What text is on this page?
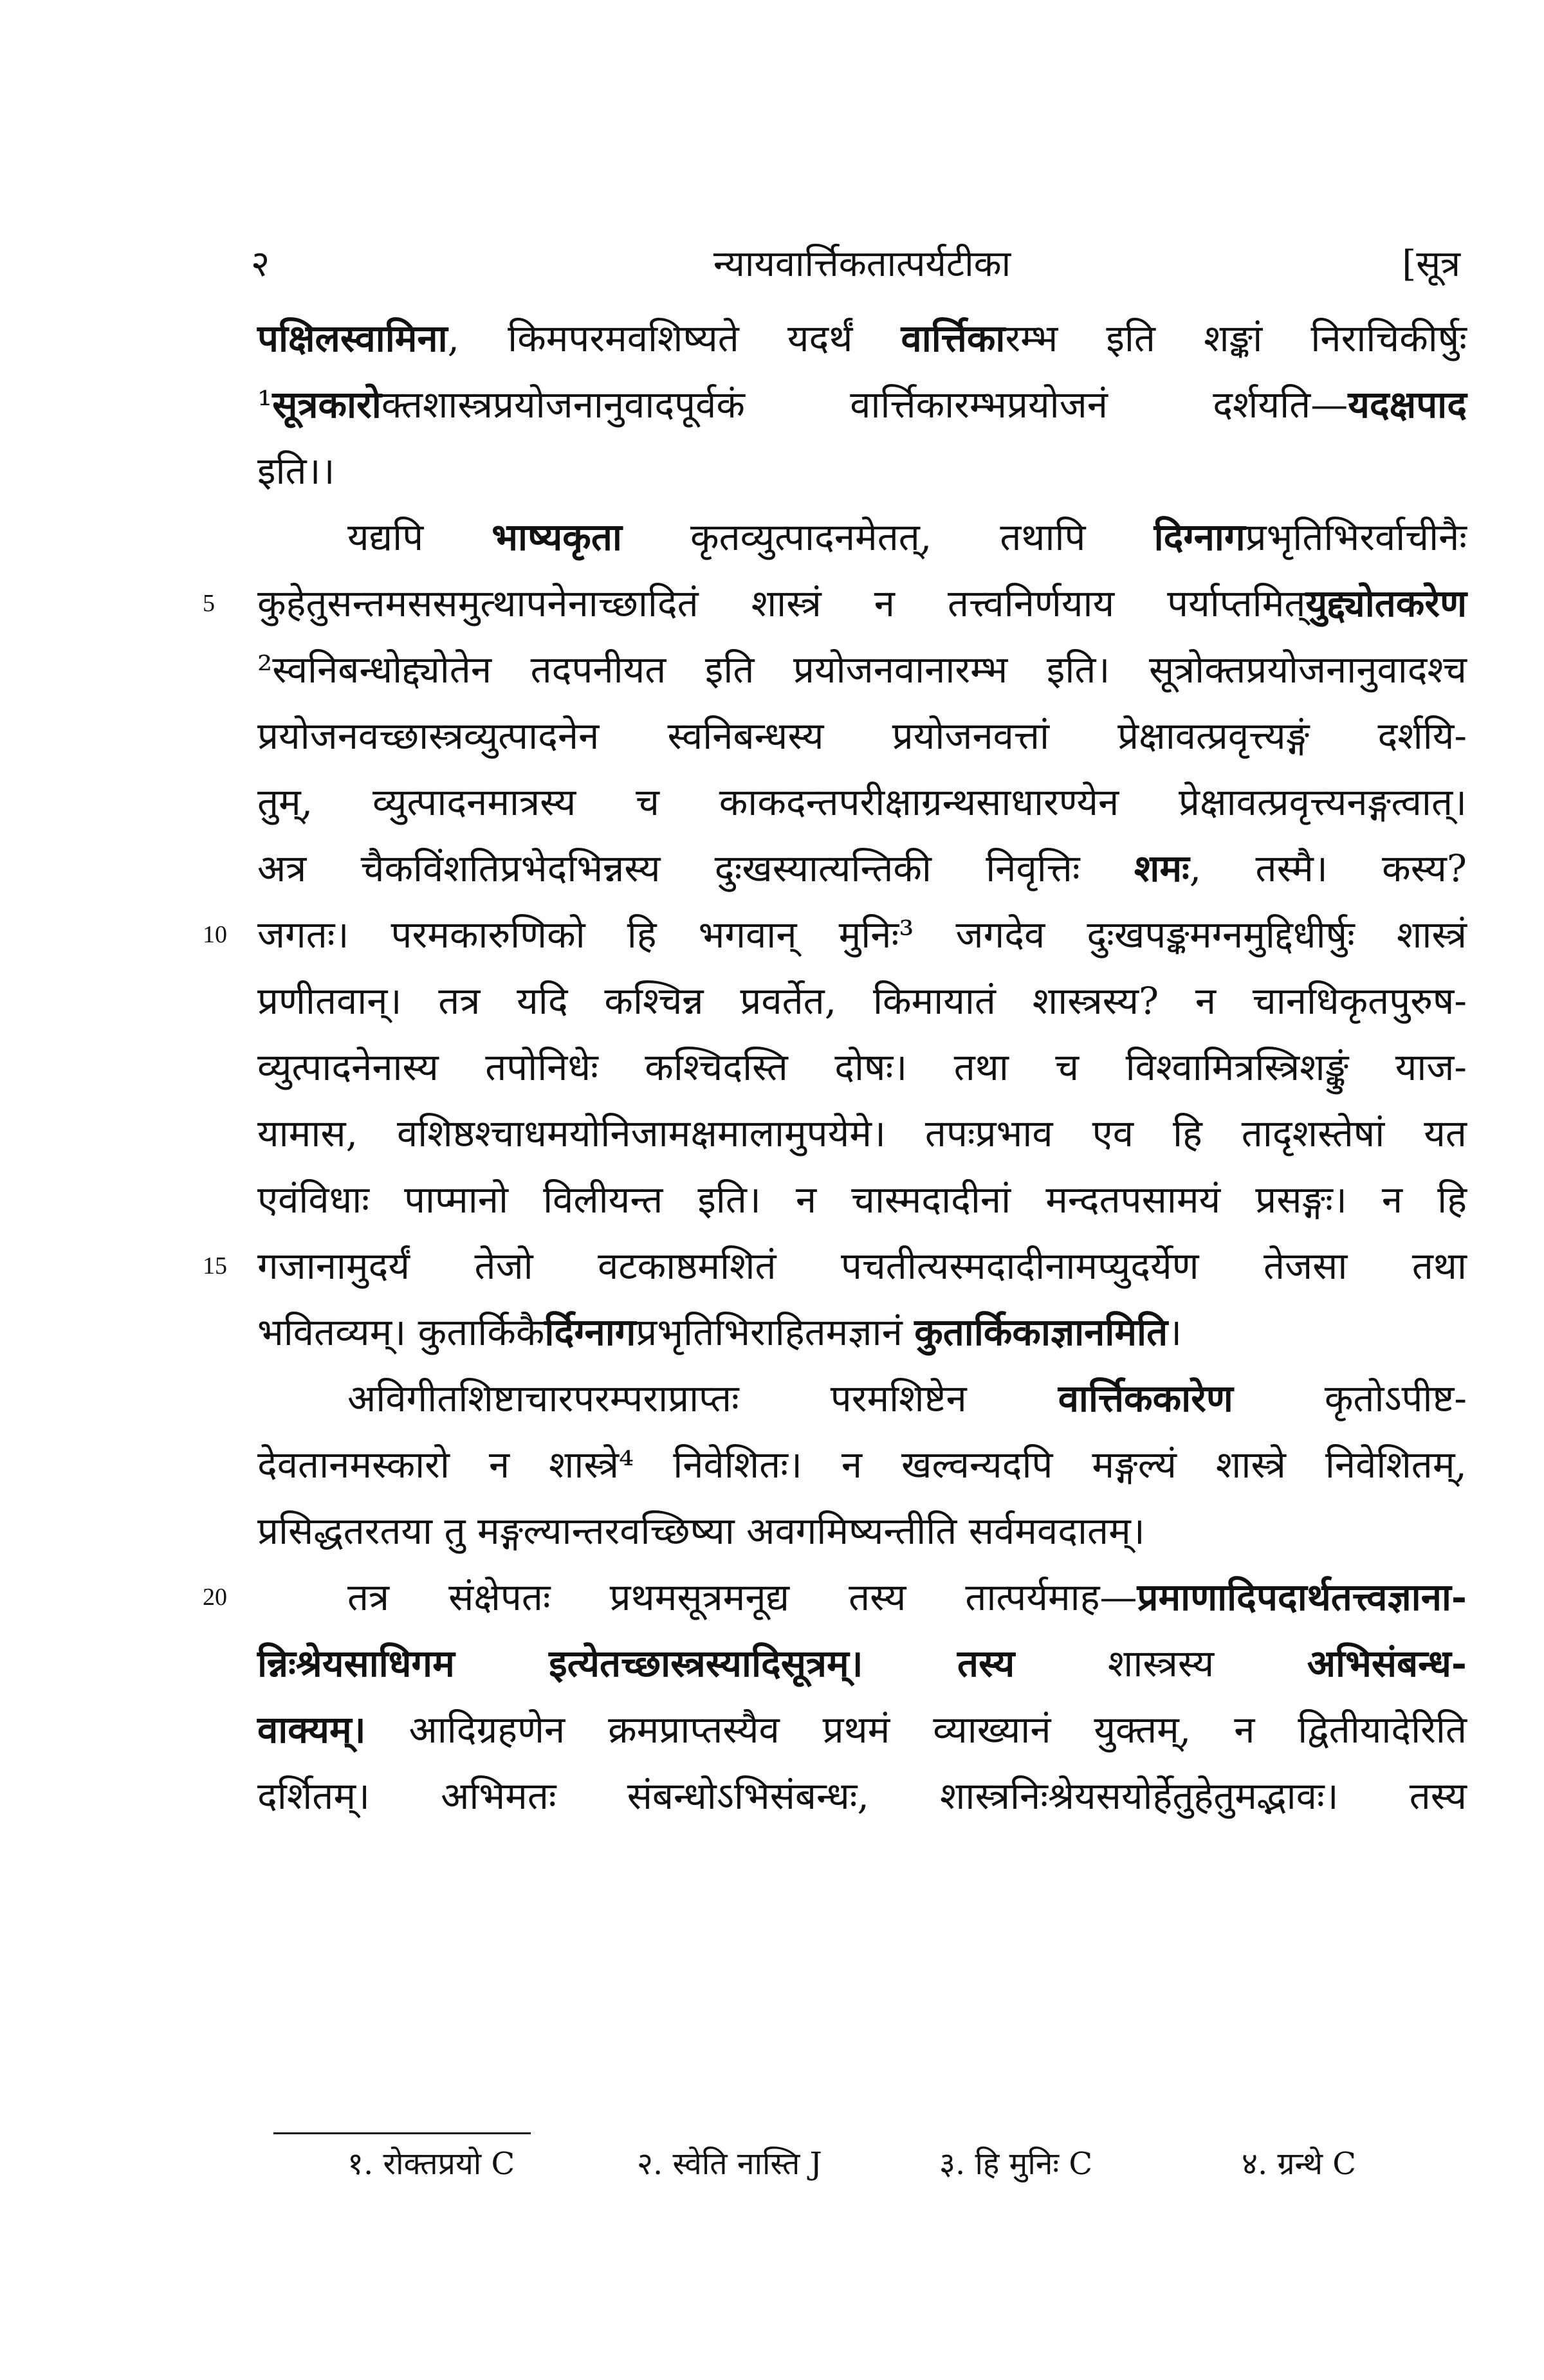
२	न्यायवार्त्तिकतात्पर्यटीका	[सूत्र
पक्षिलस्वामिना, किमपरमवशिष्यते यदर्थं वार्त्तिकारम्भ इति शङ्कां निराचिकीर्षुः
¹सूत्रकारोक्तशास्त्रप्रयोजनानुवादपूर्वकं वार्त्तिकारम्भप्रयोजनं दर्शयति—यदक्षपाद
इति।।
यद्यपि भाष्यकृता कृतव्युत्पादनमेतत्, तथापि दिग्नागप्रभृतिभिरर्वाचीनैः
5 कुहेतुसन्तमससमुत्थापनेनाच्छादितं शास्त्रं न तत्त्वनिर्णयाय पर्याप्तमित्युद्द्योतकरेण
²स्वनिबन्धोद्द्योतेन तदपनीयत इति प्रयोजनवानारम्भ इति। सूत्रोक्तप्रयोजनानुवादश्च
प्रयोजनवच्छास्त्रव्युत्पादनेन स्वनिबन्धस्य प्रयोजनवत्तां प्रेक्षावत्प्रवृत्त्यङ्गं दर्शयि-
तुम्, व्युत्पादनमात्रस्य च काकदन्तपरीक्षाग्रन्थसाधारण्येन प्रेक्षावत्प्रवृत्त्यनङ्गत्वात्।
अत्र चैकविंशतिप्रभेदभिन्नस्य दुःखस्यात्यन्तिकी निवृत्तिः शमः, तस्मै। कस्य?
10 जगतः। परमकारुणिको हि भगवान् मुनिः³ जगदेव दुःखपङ्कमग्नमुद्दिधीर्षुः शास्त्रं
प्रणीतवान्। तत्र यदि कश्चिन्न प्रवर्तेत, किमायातं शास्त्रस्य? न चानधिकृतपुरुष-
व्युत्पादनेनास्य तपोनिधेः कश्चिदस्ति दोषः। तथा च विश्वामित्रस्त्रिशङ्कुं याज-
यामास, वशिष्ठश्चाधमयोनिजामक्षमालामुपयेमे। तपःप्रभाव एव हि तादृशस्तेषां यत
एवंविधाः पाप्मानो विलीयन्त इति। न चास्मदादीनां मन्दतपसामयं प्रसङ्गः। न हि
15 गजानामुदर्यं तेजो वटकाष्ठमशितं पचतीत्यस्मदादीनामप्युदर्येण तेजसा तथा
भवितव्यम्। कुतार्किकैर्दिग्नागप्रभृतिभिराहितमज्ञानं कुतार्किकाज्ञानमिति।
अविगीतशिष्टाचारपरम्पराप्राप्तः परमशिष्टेन वार्त्तिककारेण कृतोऽपीष्ट-
देवतानमस्कारो न शास्त्रे⁴ निवेशितः। न खल्वन्यदपि मङ्गल्यं शास्त्रे निवेशितम्,
प्रसिद्धतरतया तु मङ्गल्यान्तरवच्छिष्या अवगमिष्यन्तीति सर्वमवदातम्।
20	तत्र संक्षेपतः प्रथमसूत्रमनूद्य तस्य तात्पर्यमाह—प्रमाणादिपदार्थतत्त्वज्ञाना-
न्निःश्रेयसाधिगम इत्येतच्छास्त्रस्यादिसूत्रम्। तस्य शास्त्रस्य अभिसंबन्ध-
वाक्यम्। आदिग्रहणेन क्रमप्राप्तस्यैव प्रथमं व्याख्यानं युक्तम्, न द्वितीयादेरिति
दर्शितम्। अभिमतः संबन्धोऽभिसंबन्धः, शास्त्रनिःश्रेयसयोर्हेतुहेतुमद्भावः। तस्य
१. रोक्तप्रयो C	२. स्वेति नास्ति J	३. हि मुनिः C	४. ग्रन्थे C
